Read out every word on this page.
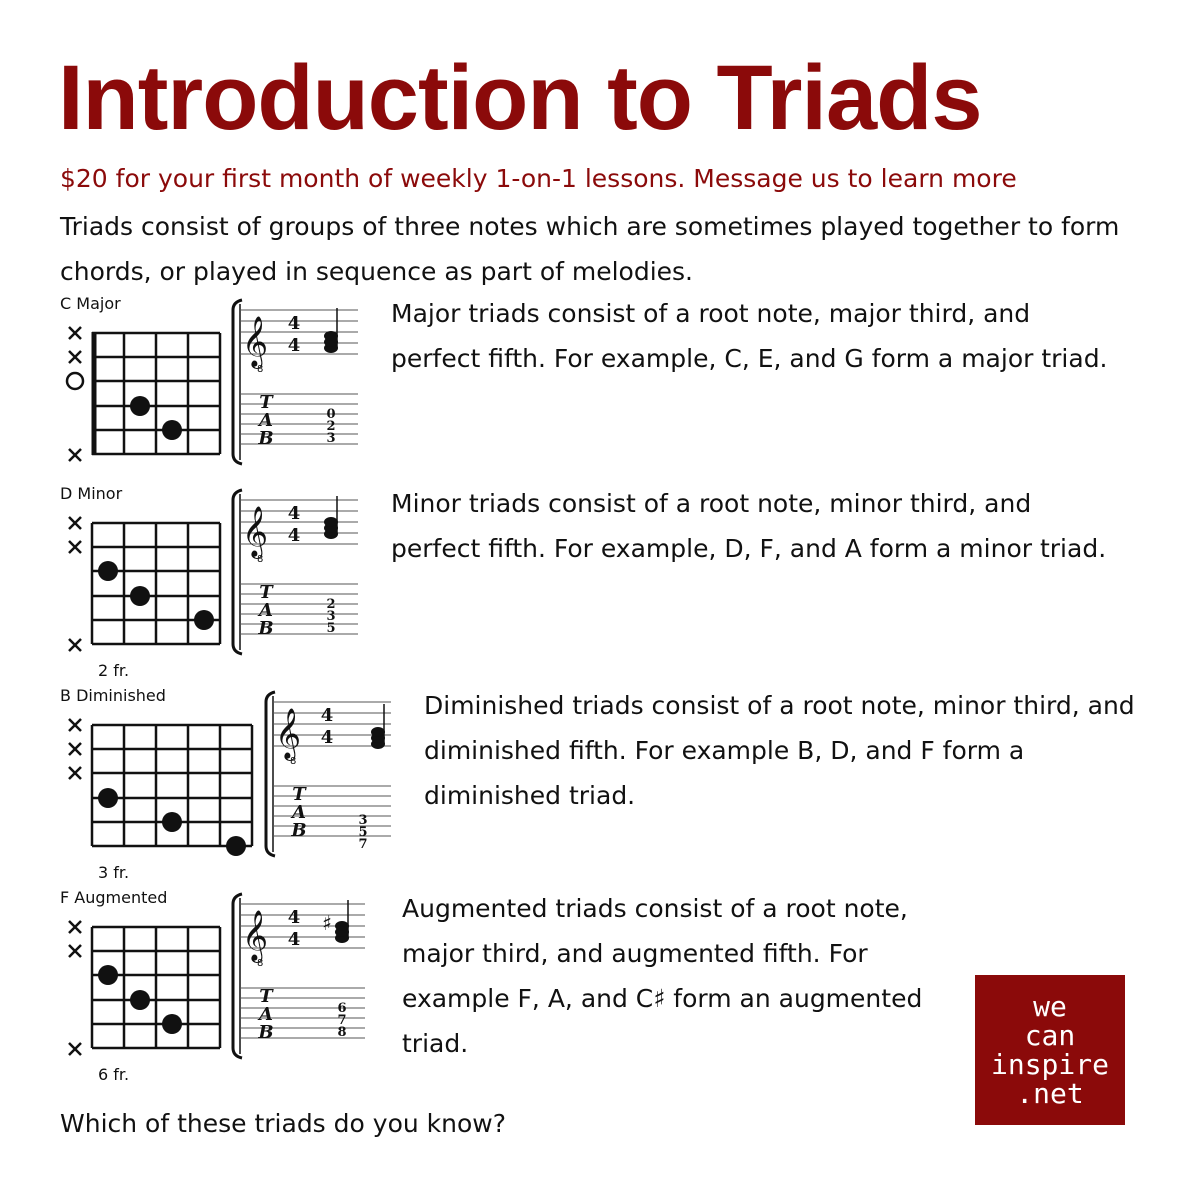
Introduction to Triads
$20 for your first month of weekly 1-on-1 lessons. Message us to learn more

Triads consist of groups of three notes which are sometimes played together to form chords, or played in sequence as part of melodies.

C Major
𝄞
8
4
4
T
A
B
0
2
3

Major triads consist of a root note, major third, and perfect fifth. For example, C, E, and G form a major triad.

D Minor
2 fr.
𝄞
8
4
4
T
A
B
2
3
5

Minor triads consist of a root note, minor third, and perfect fifth. For example, D, F, and A form a minor triad.

B Diminished
3 fr.
𝄞
8
4
4
T
A
B	3
5
7

Diminished triads consist of a root note, minor third, and diminished fifth. For example B, D, and F form a diminished triad.

F Augmented
6 fr.
𝄞
8
4
4
♯
T
A
B
6
7
8

Augmented triads consist of a root note, major third, and augmented fifth. For example F, A, and C♯ form an augmented triad.

Which of these triads do you know?
we
can
inspire
.net
